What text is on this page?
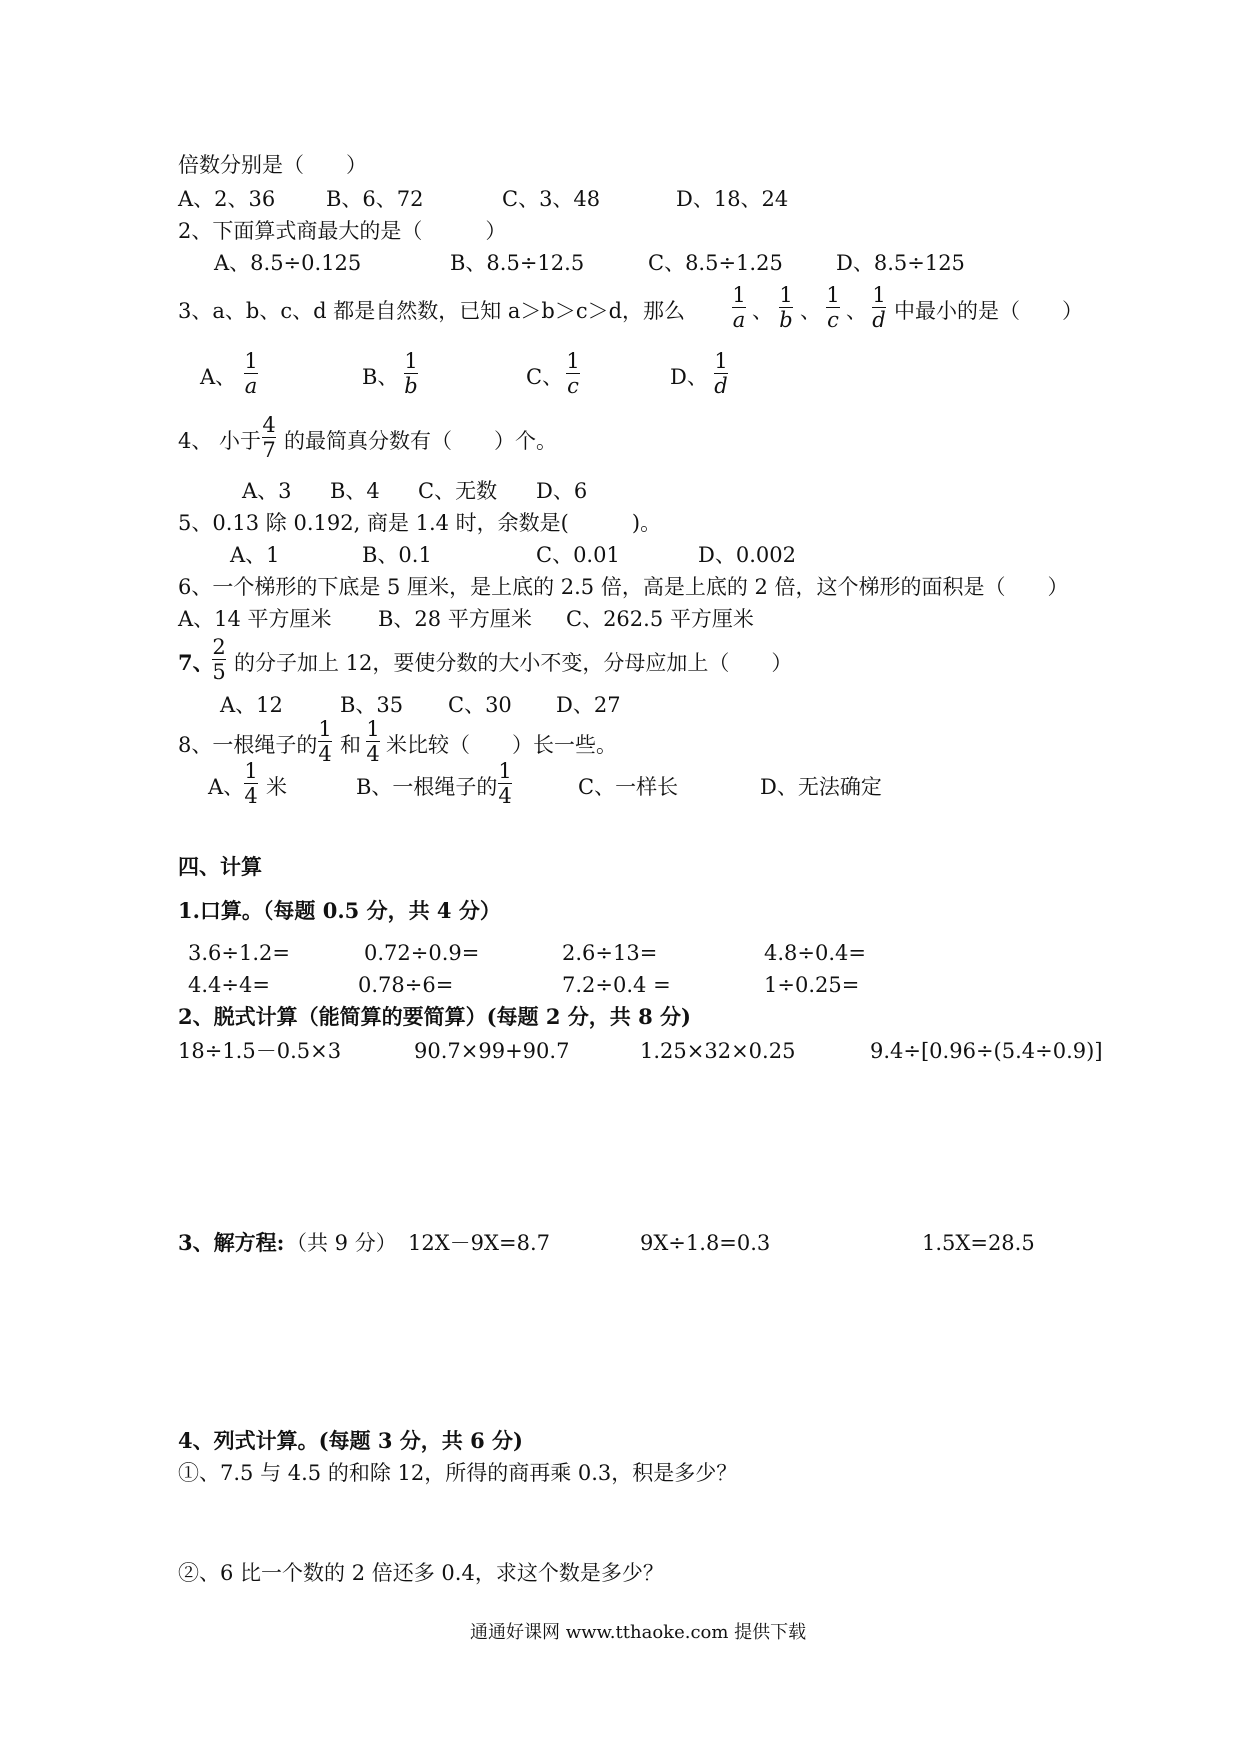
倍数分别是（　　）
A、2、36 B、6、72	C、3、48	D、18、24
2、下面算式商最大的是（　　　）
A、8.5÷0.125	B、8.5÷12.5	C、8.5÷1.25	D、8.5÷125
3、a、b、c、d 都是自然数，已知 a＞b＞c＞d，那么
1
a 、
1
b 、
1
c 、
1
d 中最小的是（　　）
A、
1
a	B、
1
b	C、
1
c	D、
1
d
4、 小于
4
7 的最简真分数有（　　）个。
A、3 B、4 C、无数 D、6
5、0.13 除 0.192, 商是 1.4 时，余数是(　　　)。
A、1	B、0.1	C、0.01	D、0.002
6、一个梯形的下底是 5 厘米，是上底的 2.5 倍，高是上底的 2 倍，这个梯形的面积是（　　）
A、14 平方厘米 B、28 平方厘米 C、262.5 平方厘米
7、
2
5 的分子加上 12，要使分数的大小不变，分母应加上（　　）
A、12	B、35 C、30 D、27
8、一根绳子的
1
4 和
1
4 米比较（　　）长一些。
A、
1
4 米	B、一根绳子的
1
4	C、一样长	D、无法确定
四、计算
1.口算。（每题 0.5 分，共 4 分）
3.6÷1.2=	0.72÷0.9=	2.6÷13=	4.8÷0.4=
4.4÷4=	0.78÷6=	7.2÷0.4 =	1÷0.25=
2、脱式计算（能简算的要简算）(每题 2 分，共 8 分)
18÷1.5－0.5×3	90.7×99+90.7	1.25×32×0.25	9.4÷[0.96÷(5.4÷0.9)]
3、解方程: （共 9 分） 12X－9X=8.7	9X÷1.8=0.3	1.5X=28.5
4、列式计算。(每题 3 分，共 6 分)
①、7.5 与 4.5 的和除 12，所得的商再乘 0.3，积是多少？
②、6 比一个数的 2 倍还多 0.4，求这个数是多少？
通通好课网 www.tthaoke.com 提供下载
